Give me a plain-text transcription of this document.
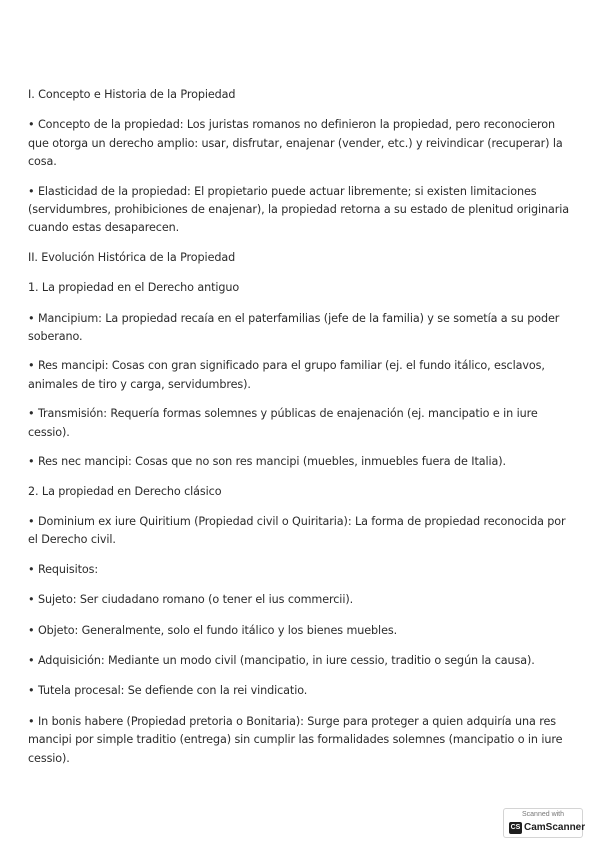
I. Concepto e Historia de la Propiedad

• Concepto de la propiedad: Los juristas romanos no definieron la propiedad, pero reconocieron que otorga un derecho amplio: usar, disfrutar, enajenar (vender, etc.) y reivindicar (recuperar) la cosa.

• Elasticidad de la propiedad: El propietario puede actuar libremente; si existen limitaciones (servidumbres, prohibiciones de enajenar), la propiedad retorna a su estado de plenitud originaria cuando estas desaparecen.

II. Evolución Histórica de la Propiedad

1. La propiedad en el Derecho antiguo

• Mancipium: La propiedad recaía en el paterfamilias (jefe de la familia) y se sometía a su poder soberano.

• Res mancipi: Cosas con gran significado para el grupo familiar (ej. el fundo itálico, esclavos, animales de tiro y carga, servidumbres).

• Transmisión: Requería formas solemnes y públicas de enajenación (ej. mancipatio e in iure cessio).

• Res nec mancipi: Cosas que no son res mancipi (muebles, inmuebles fuera de Italia).

2. La propiedad en Derecho clásico

• Dominium ex iure Quiritium (Propiedad civil o Quiritaria): La forma de propiedad reconocida por el Derecho civil.

• Requisitos:

• Sujeto: Ser ciudadano romano (o tener el ius commercii).

• Objeto: Generalmente, solo el fundo itálico y los bienes muebles.

• Adquisición: Mediante un modo civil (mancipatio, in iure cessio, traditio o según la causa).

• Tutela procesal: Se defiende con la rei vindicatio.

• In bonis habere (Propiedad pretoria o Bonitaria): Surge para proteger a quien adquiría una res mancipi por simple traditio (entrega) sin cumplir las formalidades solemnes (mancipatio o in iure cessio).

Scanned with
CS CamScanner
